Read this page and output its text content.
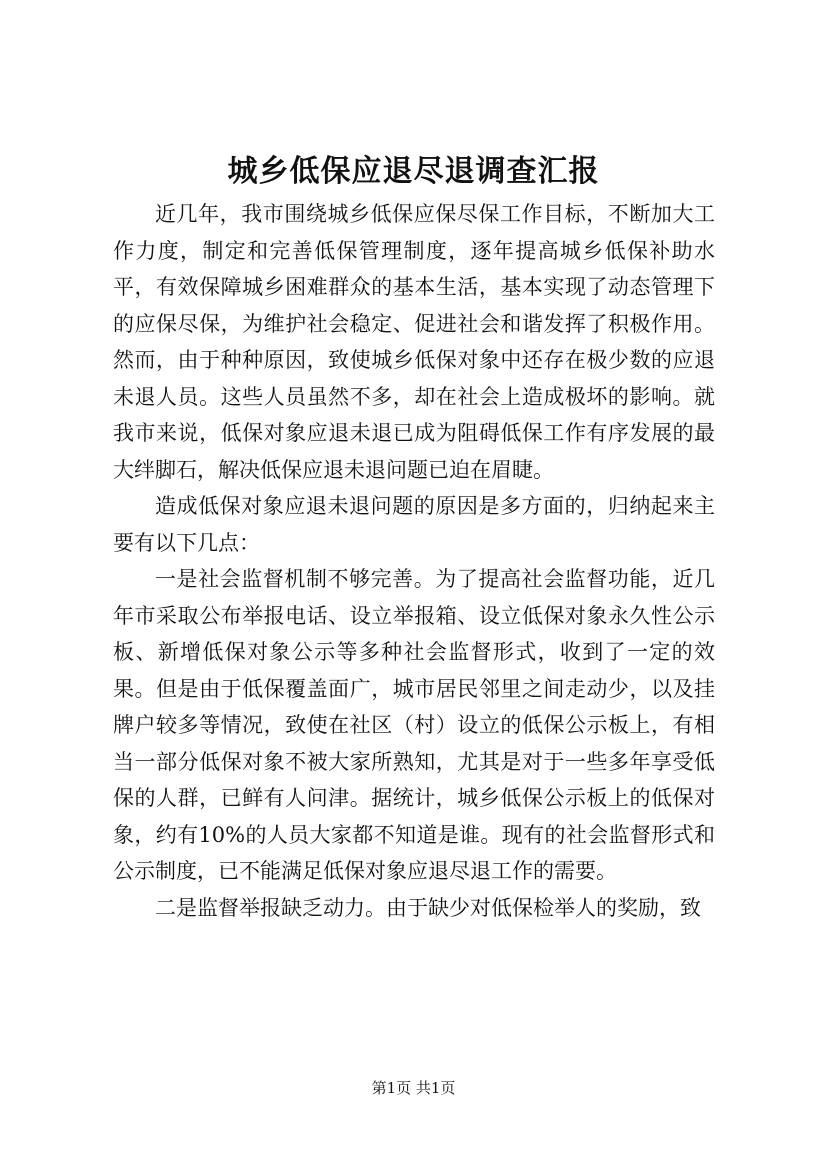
城乡低保应退尽退调查汇报

近几年，我市围绕城乡低保应保尽保工作目标，不断加大工作力度，制定和完善低保管理制度，逐年提高城乡低保补助水平，有效保障城乡困难群众的基本生活，基本实现了动态管理下的应保尽保，为维护社会稳定、促进社会和谐发挥了积极作用。然而，由于种种原因，致使城乡低保对象中还存在极少数的应退未退人员。这些人员虽然不多，却在社会上造成极坏的影响。就我市来说，低保对象应退未退已成为阻碍低保工作有序发展的最大绊脚石，解决低保应退未退问题已迫在眉睫。

造成低保对象应退未退问题的原因是多方面的，归纳起来主要有以下几点：

一是社会监督机制不够完善。为了提高社会监督功能，近几年市采取公布举报电话、设立举报箱、设立低保对象永久性公示板、新增低保对象公示等多种社会监督形式，收到了一定的效果。但是由于低保覆盖面广，城市居民邻里之间走动少，以及挂牌户较多等情况，致使在社区（村）设立的低保公示板上，有相当一部分低保对象不被大家所熟知，尤其是对于一些多年享受低保的人群，已鲜有人问津。据统计，城乡低保公示板上的低保对象，约有10%的人员大家都不知道是谁。现有的社会监督形式和公示制度，已不能满足低保对象应退尽退工作的需要。

二是监督举报缺乏动力。由于缺少对低保检举人的奖励，致

第1页 共1页
